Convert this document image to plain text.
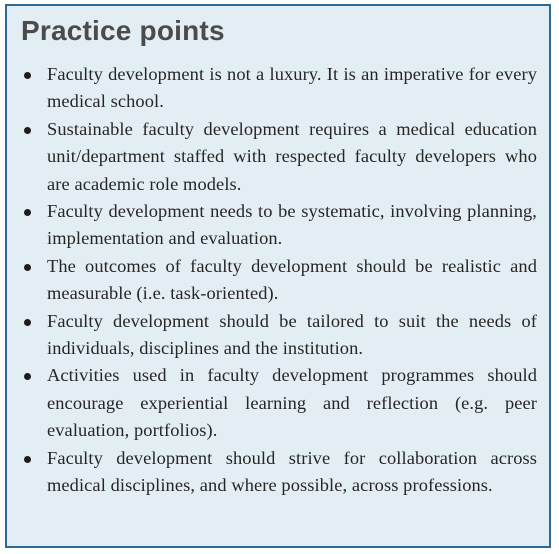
Practice points
Faculty development is not a luxury. It is an imperative for every medical school.
Sustainable faculty development requires a medical education unit/department staffed with respected faculty developers who are academic role models.
Faculty development needs to be systematic, involving planning, implementation and evaluation.
The outcomes of faculty development should be realistic and measurable (i.e. task-oriented).
Faculty development should be tailored to suit the needs of individuals, disciplines and the institution.
Activities used in faculty development programmes should encourage experiential learning and reflection (e.g. peer evaluation, portfolios).
Faculty development should strive for collaboration across medical disciplines, and where possible, across professions.
